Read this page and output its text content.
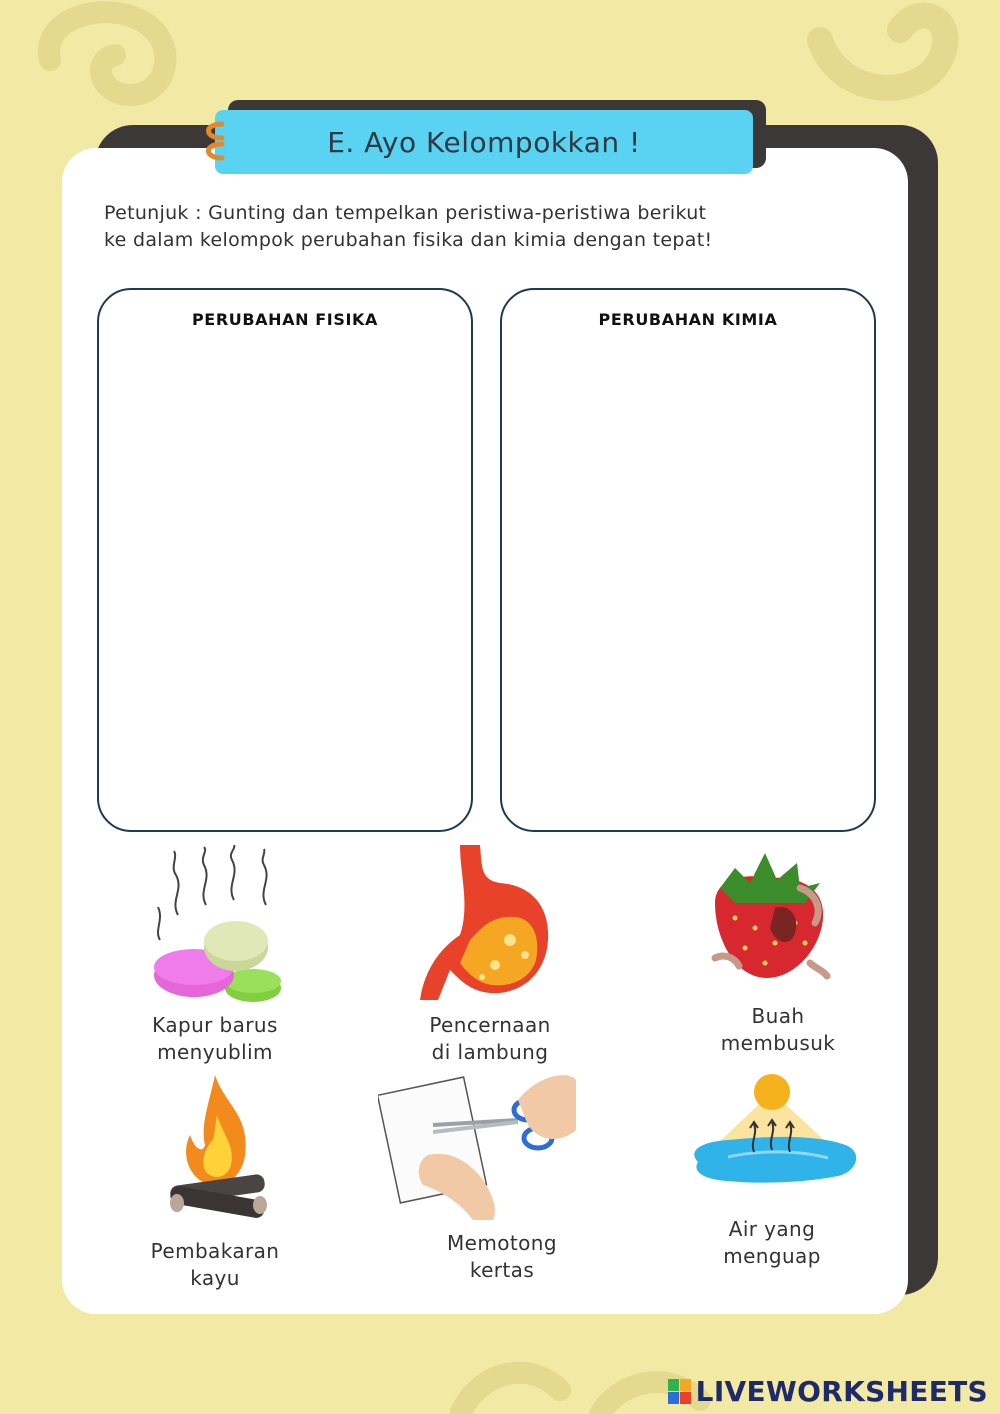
E. Ayo Kelompokkan !
Petunjuk : Gunting dan tempelkan peristiwa-peristiwa berikut
ke dalam kelompok perubahan fisika dan kimia dengan tepat!
PERUBAHAN FISIKA	PERUBAHAN KIMIA
Kapur barus
menyublim
Pencernaan
di lambung
Buah
membusuk
Pembakaran
kayu
Memotong
kertas
Air yang
menguap
LIVEWORKSHEETS
